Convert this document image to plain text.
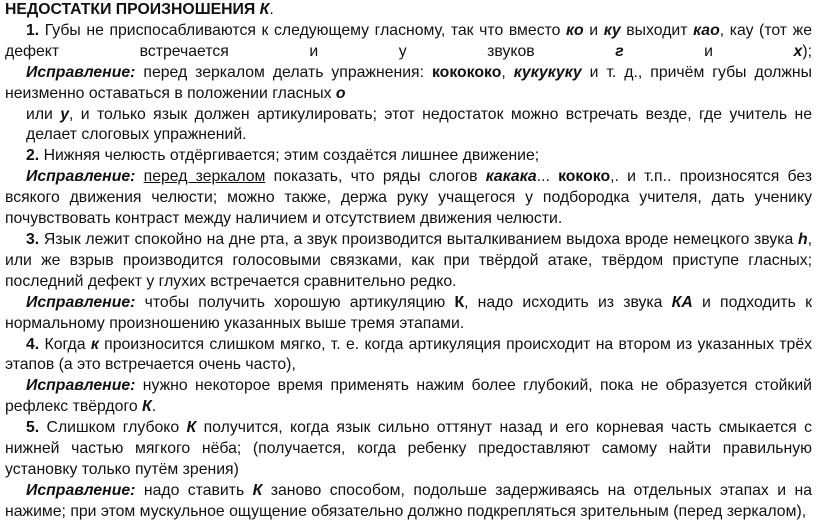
НЕДОСТАТКИ ПРОИЗНОШЕНИЯ К.

1. Губы не приспосабливаются к следующему гласному, так что вместо ко и ку выходит као, кау (тот же дефект встречается и у звуков г и х);

Исправление: перед зеркалом делать упражнения: кокококо, кукукуку и т. д., причём губы должны неизменно оставаться в положении гласных о

или у, и только язык должен артикулировать; этот недостаток можно встречать везде, где учитель не делает слоговых упражнений.

2. Нижняя челюсть отдёргивается; этим создаётся лишнее движение;

Исправление: перед зеркалом показать, что ряды слогов какака... кококо,. и т.п.. произносятся без всякого движения челюсти; можно также, держа руку учащегося у подбородка учителя, дать ученику почувствовать контраст между наличием и отсутствием движения челюсти.

3. Язык лежит спокойно на дне рта, а звук производится выталкиванием выдоха вроде немецкого звука h, или же взрыв производится голосовыми связками, как при твёрдой атаке, твёрдом приступе гласных; последний дефект у глухих встречается сравнительно редко.

Исправление: чтобы получить хорошую артикуляцию К, надо исходить из звука КА и подходить к нормальному произношению указанных выше тремя этапами.

4. Когда к произносится слишком мягко, т. е. когда артикуляция происходит на втором из указанных трёх этапов (а это встречается очень часто),

Исправление: нужно некоторое время применять нажим более глубокий, пока не образуется стойкий рефлекс твёрдого К.

5. Слишком глубоко К получится, когда язык сильно оттянут назад и его корневая часть смыкается с нижней частью мягкого нёба; (получается, когда ребенку предоставляют самому найти правильную установку только путём зрения)

Исправление: надо ставить К заново способом, подольше задерживаясь на отдельных этапах и на нажиме; при этом мускульное ощущение обязательно должно подкрепляться зрительным (перед зеркалом),
